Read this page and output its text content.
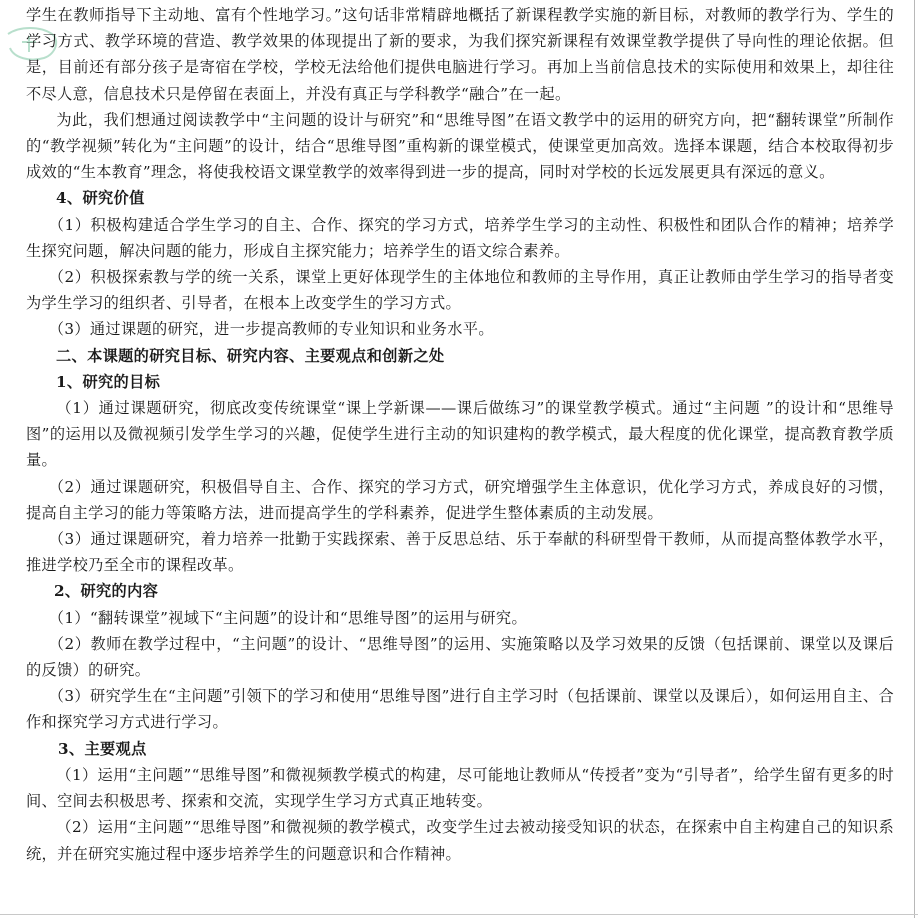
学生在教师指导下主动地、富有个性地学习。”这句话非常精辟地概括了新课程教学实施的新目标，对教师的教学行为、学生的学习方式、教学环境的营造、教学效果的体现提出了新的要求，为我们探究新课程有效课堂教学提供了导向性的理论依据。但是，目前还有部分孩子是寄宿在学校，学校无法给他们提供电脑进行学习。再加上当前信息技术的实际使用和效果上，却往往不尽人意，信息技术只是停留在表面上，并没有真正与学科教学“融合”在一起。

为此，我们想通过阅读教学中“主问题的设计与研究”和“思维导图”在语文教学中的运用的研究方向，把“翻转课堂”所制作的“教学视频”转化为“主问题”的设计，结合“思维导图”重构新的课堂模式，使课堂更加高效。选择本课题，结合本校取得初步成效的“生本教育”理念，将使我校语文课堂教学的效率得到进一步的提高，同时对学校的长远发展更具有深远的意义。

4、研究价值

（1）积极构建适合学生学习的自主、合作、探究的学习方式，培养学生学习的主动性、积极性和团队合作的精神；培养学生探究问题，解决问题的能力，形成自主探究能力；培养学生的语文综合素养。

（2）积极探索教与学的统一关系，课堂上更好体现学生的主体地位和教师的主导作用，真正让教师由学生学习的指导者变为学生学习的组织者、引导者，在根本上改变学生的学习方式。

（3）通过课题的研究，进一步提高教师的专业知识和业务水平。

二、本课题的研究目标、研究内容、主要观点和创新之处

1、研究的目标

（1）通过课题研究，彻底改变传统课堂“课上学新课——课后做练习”的课堂教学模式。通过“主问题 ”的设计和“思维导图”的运用以及微视频引发学生学习的兴趣，促使学生进行主动的知识建构的教学模式，最大程度的优化课堂，提高教育教学质量。

（2）通过课题研究，积极倡导自主、合作、探究的学习方式，研究增强学生主体意识，优化学习方式，养成良好的习惯，提高自主学习的能力等策略方法，进而提高学生的学科素养，促进学生整体素质的主动发展。

（3）通过课题研究，着力培养一批勤于实践探索、善于反思总结、乐于奉献的科研型骨干教师，从而提高整体教学水平，推进学校乃至全市的课程改革。

2、研究的内容

（1）“翻转课堂”视域下“主问题”的设计和“思维导图”的运用与研究。

（2）教师在教学过程中，“主问题”的设计、“思维导图”的运用、实施策略以及学习效果的反馈（包括课前、课堂以及课后的反馈）的研究。

（3）研究学生在“主问题”引领下的学习和使用“思维导图”进行自主学习时（包括课前、课堂以及课后），如何运用自主、合作和探究学习方式进行学习。

3、主要观点

（1）运用“主问题”“思维导图”和微视频教学模式的构建，尽可能地让教师从“传授者”变为“引导者”，给学生留有更多的时间、空间去积极思考、探索和交流，实现学生学习方式真正地转变。

（2）运用“主问题”“思维导图”和微视频的教学模式，改变学生过去被动接受知识的状态，在探索中自主构建自己的知识系统，并在研究实施过程中逐步培养学生的问题意识和合作精神。
